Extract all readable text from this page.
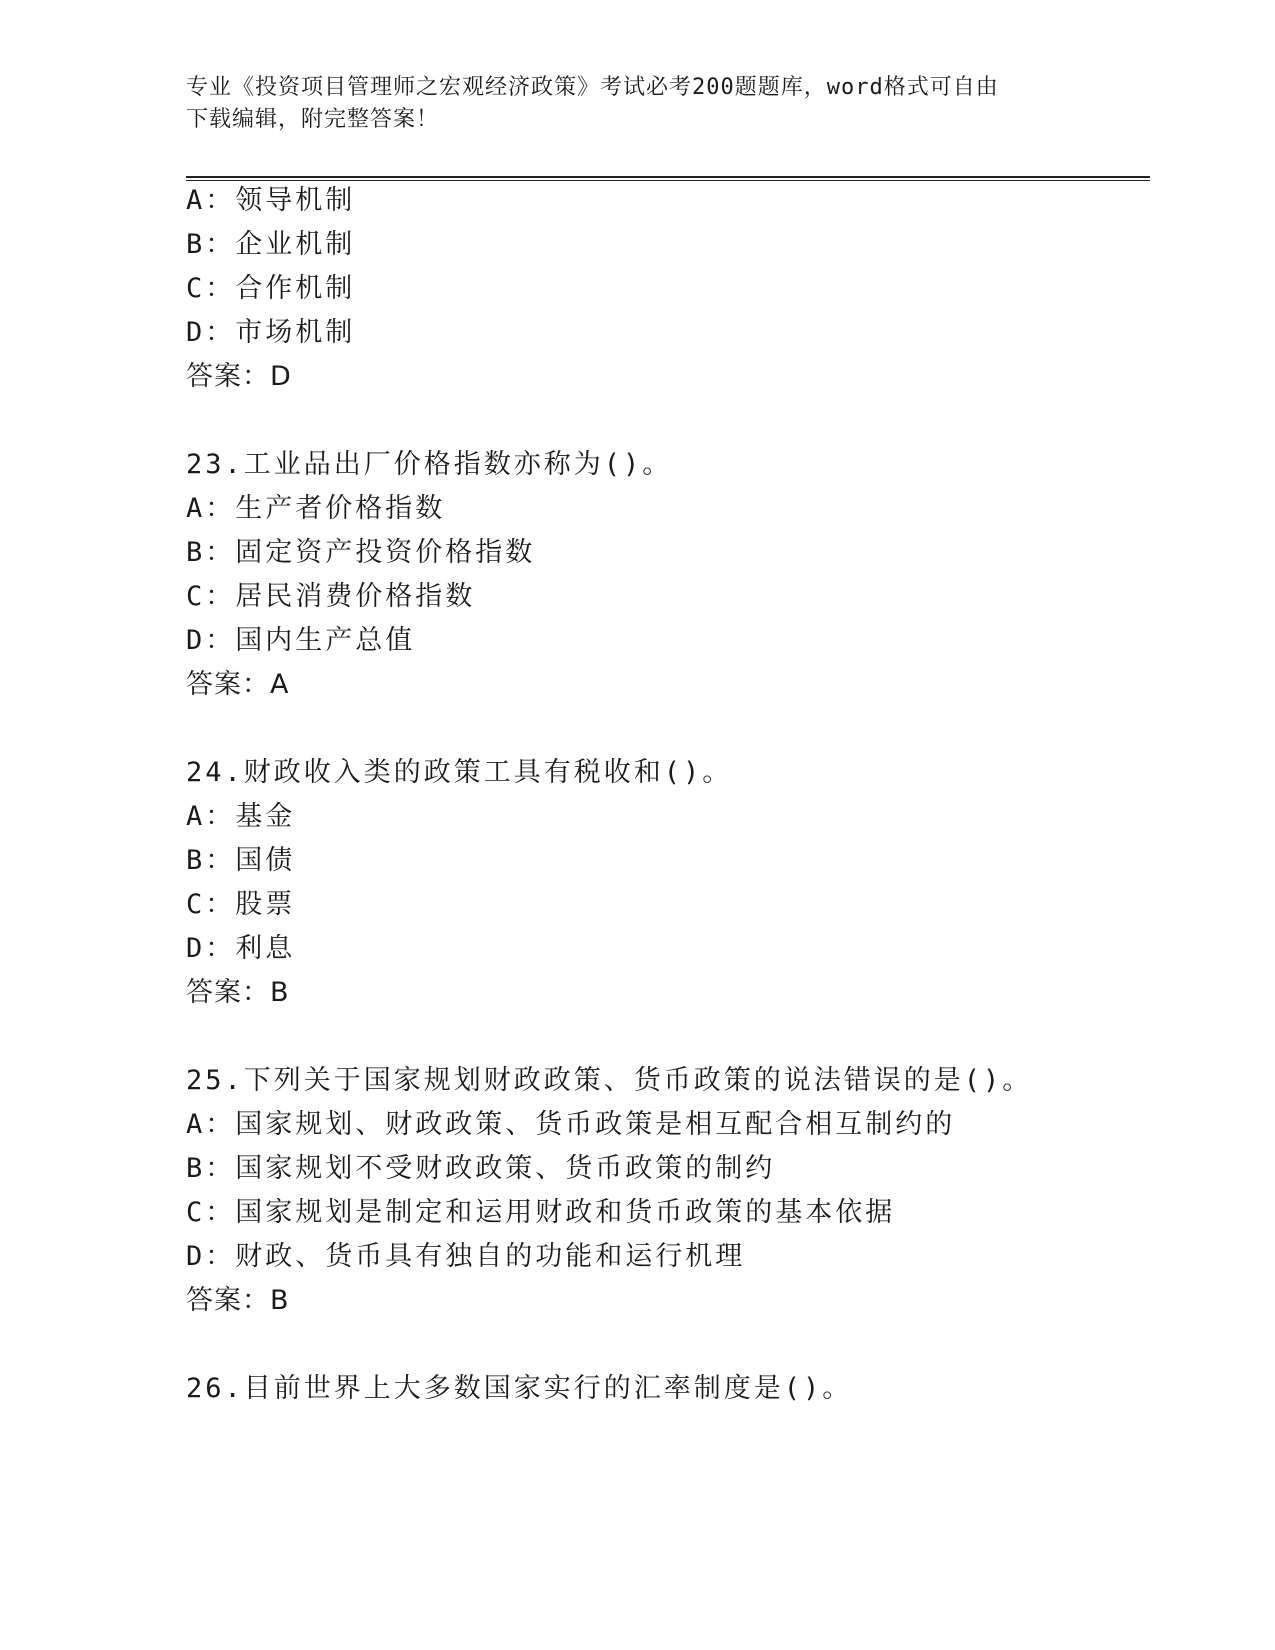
专业《投资项目管理师之宏观经济政策》考试必考200题题库，word格式可自由
下载编辑，附完整答案！
A：领导机制
B：企业机制
C：合作机制
D：市场机制
答案：D
23.工业品出厂价格指数亦称为()。
A：生产者价格指数
B：固定资产投资价格指数
C：居民消费价格指数
D：国内生产总值
答案：A
24.财政收入类的政策工具有税收和()。
A：基金
B：国债
C：股票
D：利息
答案：B
25.下列关于国家规划财政政策、货币政策的说法错误的是()。
A：国家规划、财政政策、货币政策是相互配合相互制约的
B：国家规划不受财政政策、货币政策的制约
C：国家规划是制定和运用财政和货币政策的基本依据
D：财政、货币具有独自的功能和运行机理
答案：B
26.目前世界上大多数国家实行的汇率制度是()。
